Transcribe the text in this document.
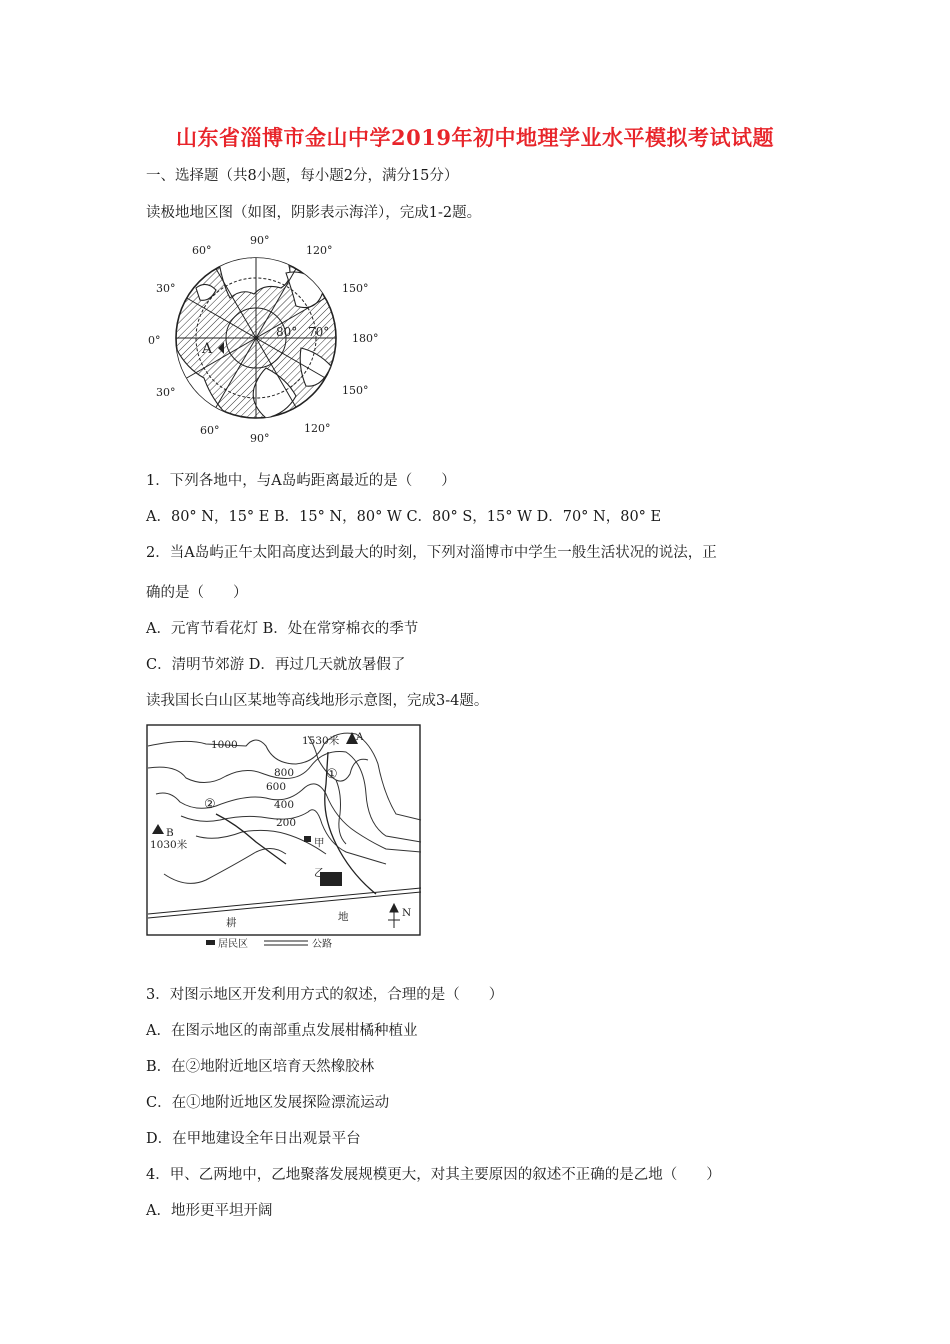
山东省淄博市金山中学2019年初中地理学业水平模拟考试试题
一、选择题（共8小题，每小题2分，满分15分）
读极地地区图（如图，阴影表示海洋），完成1-2题。
90°
120°
150°
180°
150°
120°
90°
60°
30°
0°
30°
60°
80° 70°
A
1．下列各地中，与A岛屿距离最近的是（　　）
A．80° N，15° E B．15° N，80° W C．80° S，15° W D．70° N，80° E
2．当A岛屿正午太阳高度达到最大的时刻，下列对淄博市中学生一般生活状况的说法，正
确的是（　　）
A．元宵节看花灯 B．处在常穿棉衣的季节
C．清明节郊游 D．再过几天就放暑假了
读我国长白山区某地等高线地形示意图，完成3-4题。
1000
800
600
400
200
1530米 A
B
1030米
①
②
甲
乙
耕	地	N
居民区	公路
3．对图示地区开发利用方式的叙述，合理的是（　　）
A．在图示地区的南部重点发展柑橘种植业
B．在②地附近地区培育天然橡胶林
C．在①地附近地区发展探险漂流运动
D．在甲地建设全年日出观景平台
4．甲、乙两地中，乙地聚落发展规模更大，对其主要原因的叙述不正确的是乙地（　　）
A．地形更平坦开阔
